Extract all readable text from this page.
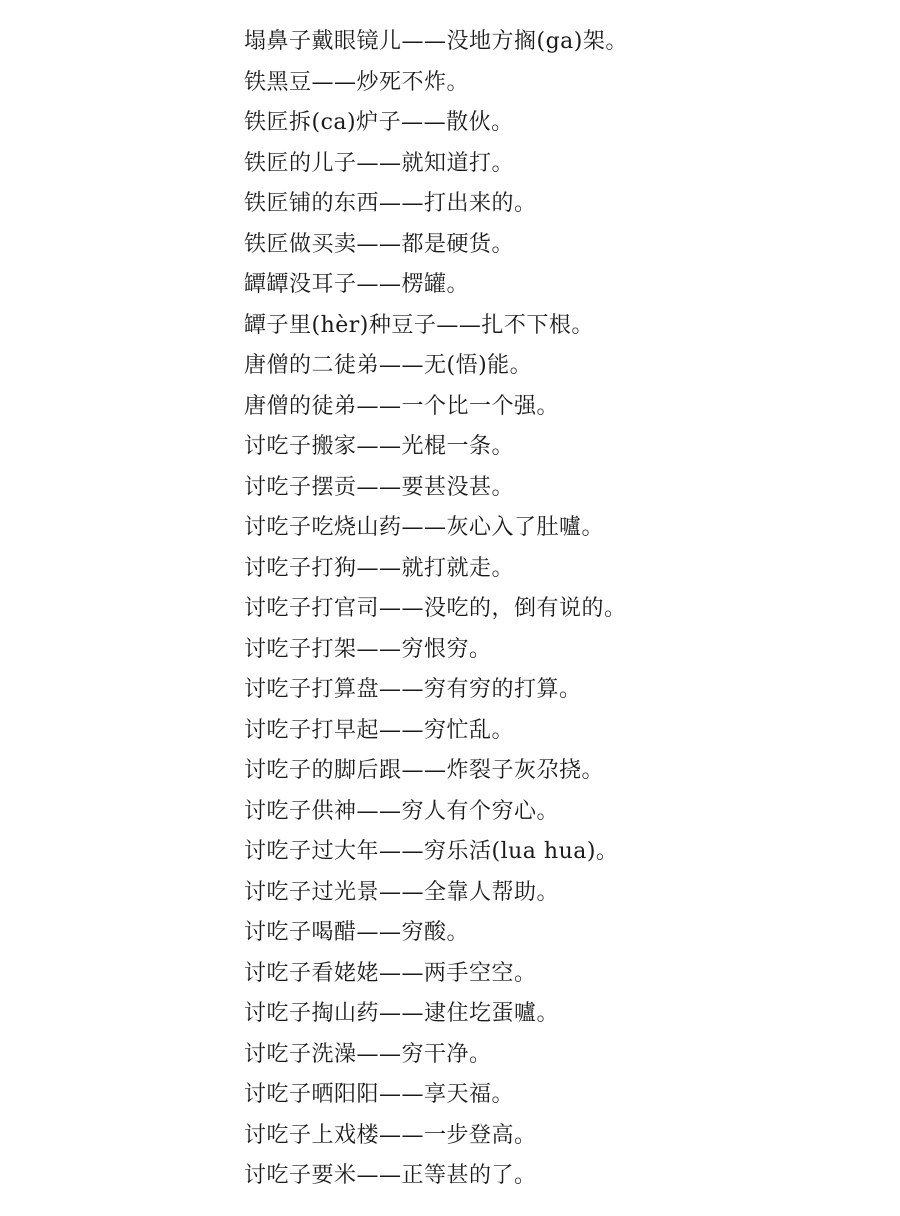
塌鼻子戴眼镜儿——没地方搁(ga)架。
铁黑豆——炒死不炸。
铁匠拆(ca)炉子——散伙。
铁匠的儿子——就知道打。
铁匠铺的东西——打出来的。
铁匠做买卖——都是硬货。
罈罈没耳子——楞罐。
罈子里(hèr)种豆子——扎不下根。
唐僧的二徒弟——无(悟)能。
唐僧的徒弟——一个比一个强。
讨吃子搬家——光棍一条。
讨吃子摆贡——要甚没甚。
讨吃子吃烧山药——灰心入了肚嚧。
讨吃子打狗——就打就走。
讨吃子打官司——没吃的，倒有说的。
讨吃子打架——穷恨穷。
讨吃子打算盘——穷有穷的打算。
讨吃子打早起——穷忙乱。
讨吃子的脚后跟——炸裂子灰尕挠。
讨吃子供神——穷人有个穷心。
讨吃子过大年——穷乐活(lua hua)。
讨吃子过光景——全靠人帮助。
讨吃子喝醋——穷酸。
讨吃子看姥姥——两手空空。
讨吃子掏山药——逮住圪蛋嚧。
讨吃子洗澡——穷干净。
讨吃子晒阳阳——享天福。
讨吃子上戏楼——一步登高。
讨吃子要米——正等甚的了。
